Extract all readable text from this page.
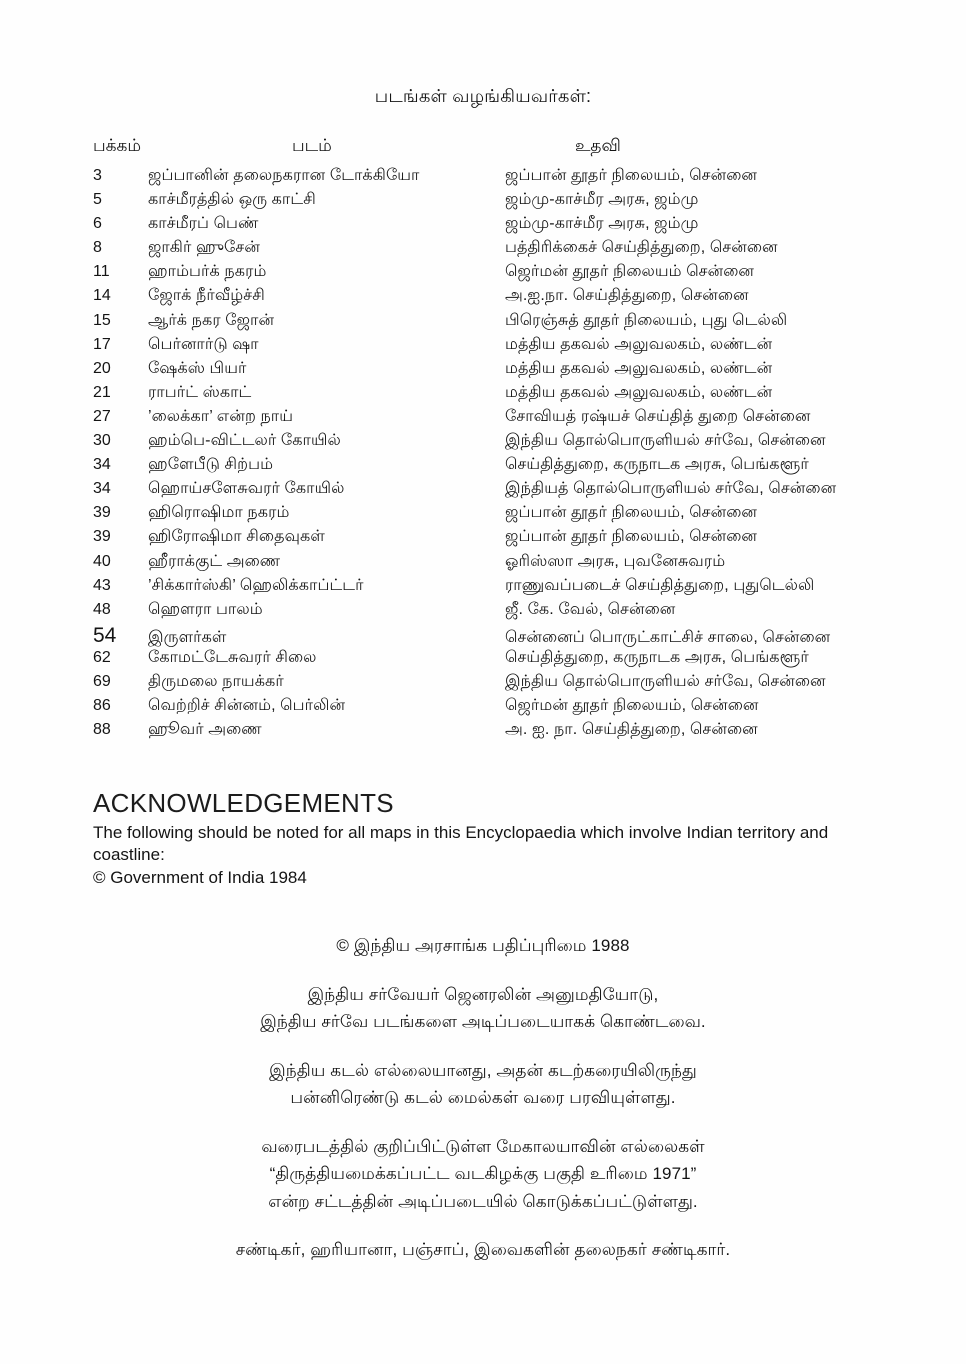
படங்கள் வழங்கியவர்கள்:
பக்கம்	படம்	உதவி
3	ஜப்பானின் தலைநகரான டோக்கியோ	ஜப்பான் தூதர் நிலையம், சென்னை
5	காச்மீரத்தில் ஒரு காட்சி	ஜம்மு-காச்மீர அரசு, ஜம்மு
6	காச்மீரப் பெண்	ஜம்மு-காச்மீர அரசு, ஜம்மு
8	ஜாகிர் ஹுசேன்	பத்திரிக்கைச் செய்தித்துறை, சென்னை
11	ஹாம்பர்க் நகரம்	ஜெர்மன் தூதர் நிலையம் சென்னை
14	ஜோக் நீர்வீழ்ச்சி	அ.ஐ.நா. செய்தித்துறை, சென்னை
15	ஆர்க் நகர ஜோன்	பிரெஞ்சுத் தூதர் நிலையம், புது டெல்லி
17	பெர்னார்டு ஷா	மத்திய தகவல் அலுவலகம், லண்டன்
20	ஷேக்ஸ் பியர்	மத்திய தகவல் அலுவலகம், லண்டன்
21	ராபர்ட் ஸ்காட்	மத்திய தகவல் அலுவலகம், லண்டன்
27	’லைக்கா’ என்ற நாய்	சோவியத் ரஷ்யச் செய்தித் துறை சென்னை
30	ஹம்பெ-விட்டலர் கோயில்	இந்திய தொல்பொருளியல் சர்வே, சென்னை
34	ஹளேபீடு சிற்பம்	செய்தித்துறை, கருநாடக அரசு, பெங்களூர்
34	ஹொய்சளேசுவரர் கோயில்	இந்தியத் தொல்பொருளியல் சர்வே, சென்னை
39	ஹிரொஷிமா நகரம்	ஜப்பான் தூதர் நிலையம், சென்னை
39	ஹிரோஷிமா சிதைவுகள்	ஜப்பான் தூதர் நிலையம், சென்னை
40	ஹீராக்குட் அணை	ஓரிஸ்ஸா அரசு, புவனேசுவரம்
43	’சிக்கார்ஸ்கி’ ஹெலிக்காப்ட்டர்	ராணுவப்படைச் செய்தித்துறை, புதுடெல்லி
48	ஹெளரா பாலம்	ஜீ. கே. வேல், சென்னை
54	இருளர்கள்	சென்னைப் பொருட்காட்சிச் சாலை, சென்னை
62	கோமட்டேசுவரர் சிலை	செய்தித்துறை, கருநாடக அரசு, பெங்களூர்
69	திருமலை நாயக்கர்	இந்திய தொல்பொருளியல் சர்வே, சென்னை
86	வெற்றிச் சின்னம், பெர்லின்	ஜெர்மன் தூதர் நிலையம், சென்னை
88	ஹூவர் அணை	அ. ஐ. நா. செய்தித்துறை, சென்னை
ACKNOWLEDGEMENTS

The following should be noted for all maps in this Encyclopaedia which involve Indian territory and coastline:

© Government of India 1984

© இந்திய அரசாங்க பதிப்புரிமை 1988
இந்திய சர்வேயர் ஜெனரலின் அனுமதியோடு,
இந்திய சர்வே படங்களை அடிப்படையாகக் கொண்டவை.
இந்திய கடல் எல்லையானது, அதன் கடற்கரையிலிருந்து
பன்னிரெண்டு கடல் மைல்கள் வரை பரவியுள்ளது.
வரைபடத்தில் குறிப்பிட்டுள்ள மேகாலயாவின் எல்லைகள்
“திருத்தியமைக்கப்பட்ட வடகிழக்கு பகுதி உரிமை 1971”
என்ற சட்டத்தின் அடிப்படையில் கொடுக்கப்பட்டுள்ளது.
சண்டிகர், ஹரியானா, பஞ்சாப், இவைகளின் தலைநகர் சண்டிகார்.
